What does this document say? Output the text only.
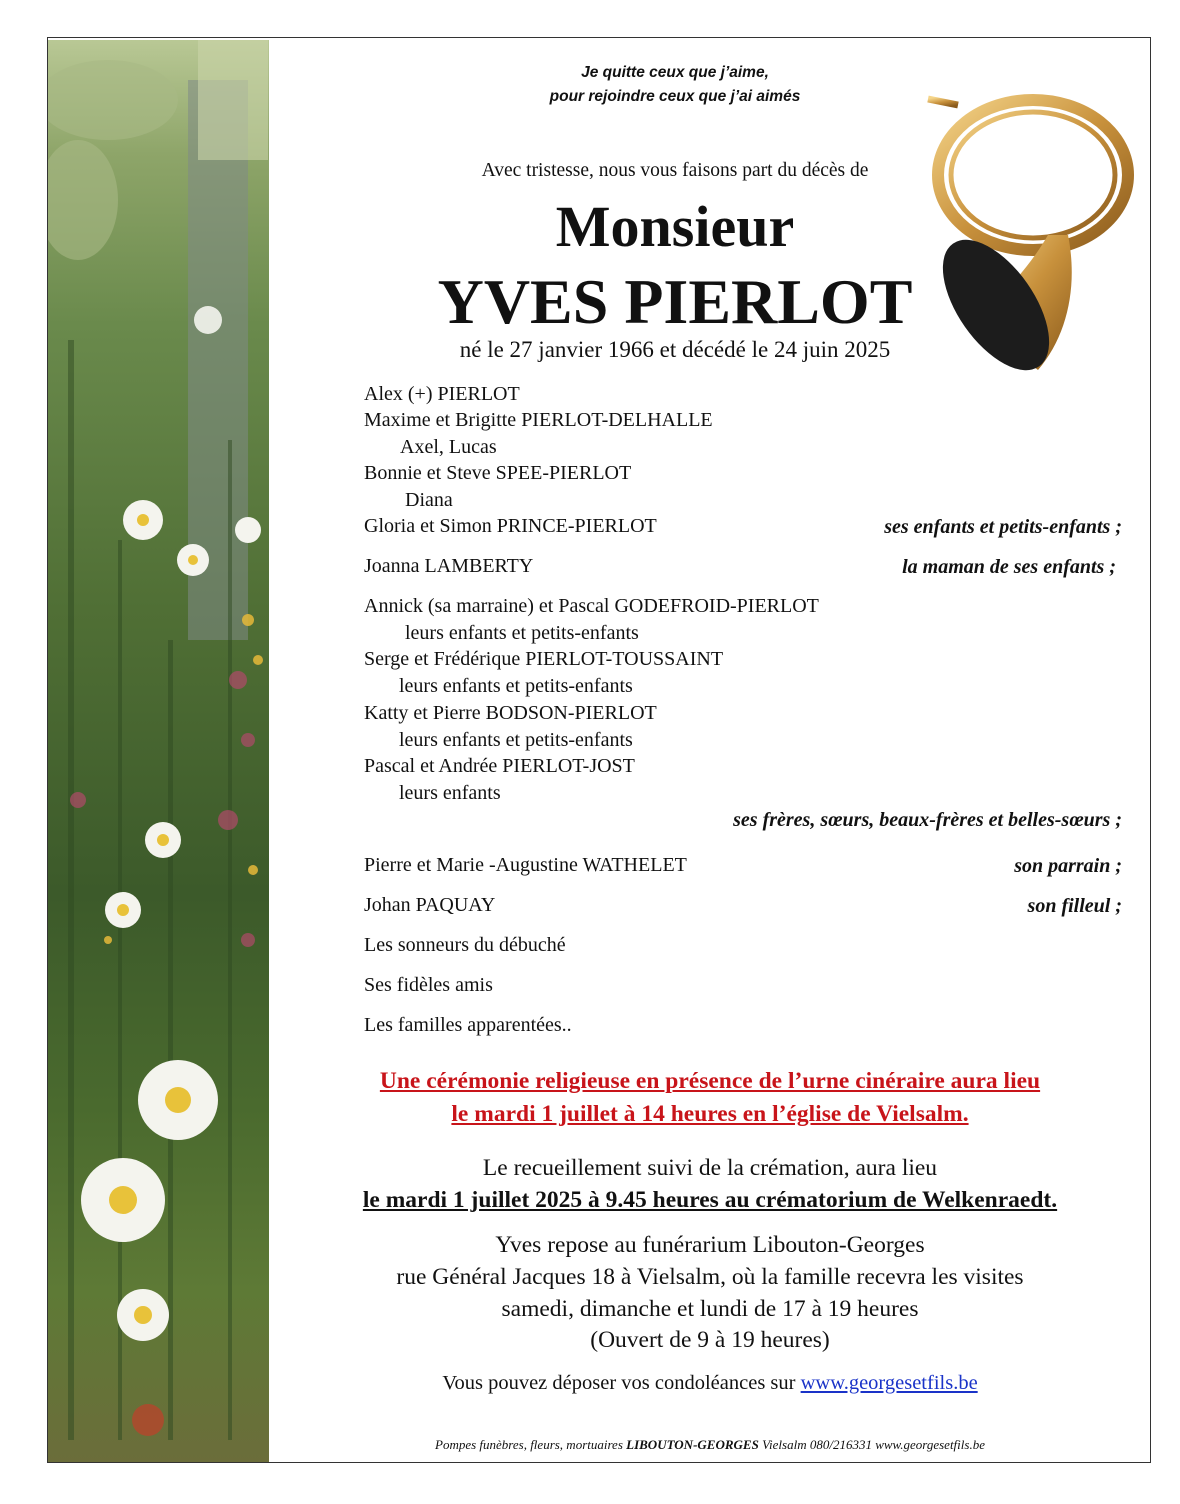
Je quitte ceux que j’aime,
pour rejoindre ceux que j’ai aimés
Avec tristesse, nous vous faisons part du décès de
Monsieur
YVES PIERLOT
né le 27 janvier 1966 et décédé le 24 juin 2025
Alex (+) PIERLOT
Maxime et Brigitte PIERLOT-DELHALLE
Axel, Lucas
Bonnie et Steve SPEE-PIERLOT
Diana
Gloria et Simon PRINCE-PIERLOT	ses enfants et petits-enfants ;
Joanna LAMBERTY	la maman de ses enfants ;
Annick (sa marraine) et Pascal GODEFROID-PIERLOT
leurs enfants et petits-enfants
Serge et Frédérique PIERLOT-TOUSSAINT
leurs enfants et petits-enfants
Katty et Pierre BODSON-PIERLOT
leurs enfants et petits-enfants
Pascal et Andrée PIERLOT-JOST
leurs enfants
ses frères, sœurs, beaux-frères et belles-sœurs ;
Pierre et Marie -Augustine WATHELET	son parrain ;
Johan PAQUAY	son filleul ;
Les sonneurs du débuché
Ses fidèles amis
Les familles apparentées..
Une cérémonie religieuse en présence de l’urne cinéraire aura lieu
le mardi 1 juillet à 14 heures en l’église de Vielsalm.
Le recueillement suivi de la crémation, aura lieu
le mardi 1 juillet 2025 à 9.45 heures au crématorium de Welkenraedt.
Yves repose au funérarium Libouton-Georges
rue Général Jacques 18 à Vielsalm, où la famille recevra les visites
samedi, dimanche et lundi de 17 à 19 heures
(Ouvert de 9 à 19 heures)
Vous pouvez déposer vos condoléances sur www.georgesetfils.be
Pompes funèbres, fleurs, mortuaires LIBOUTON-GEORGES Vielsalm 080/216331 www.georgesetfils.be
